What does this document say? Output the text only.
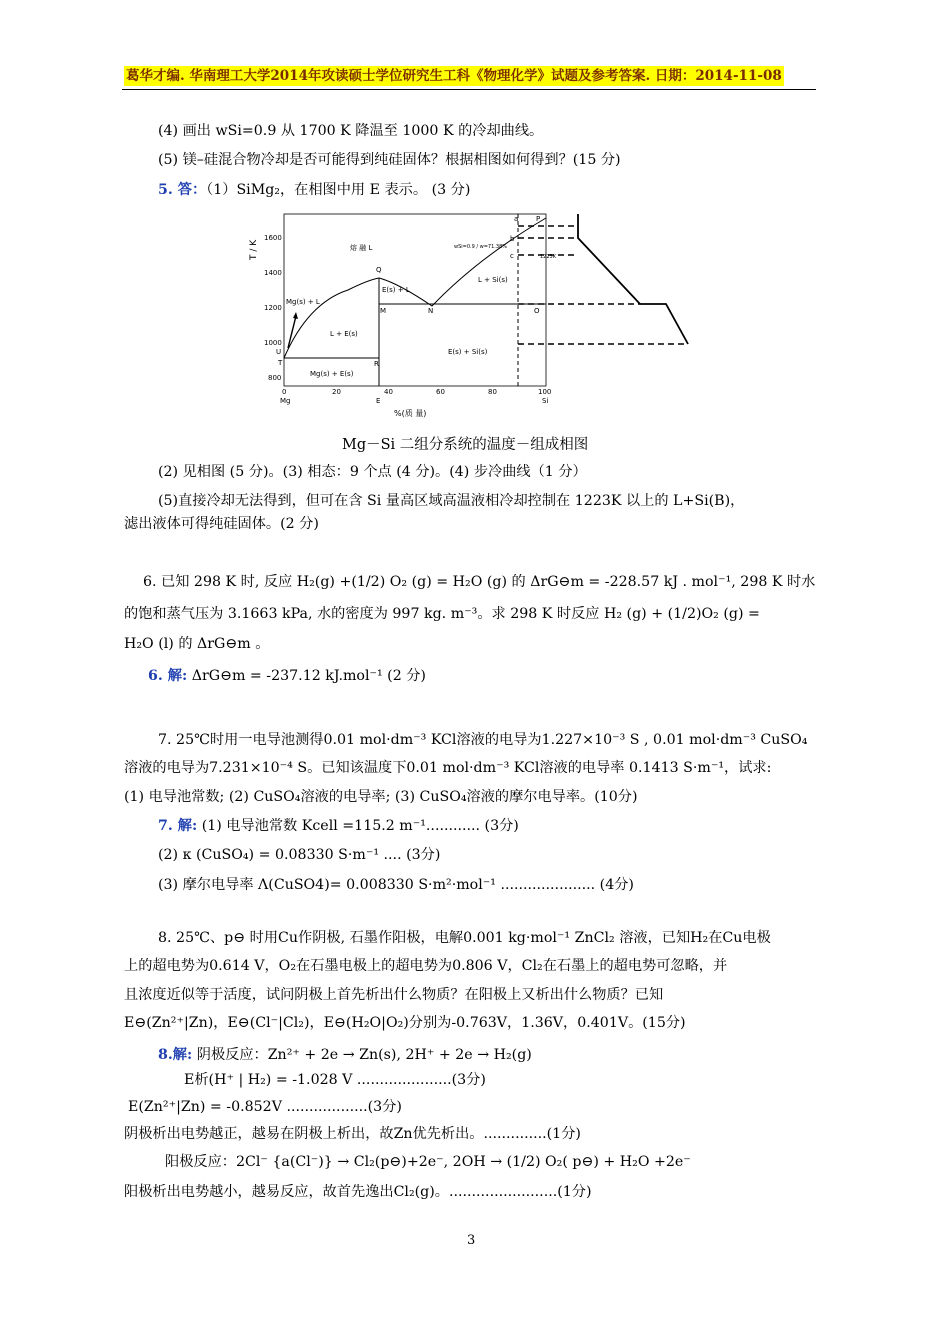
葛华才编. 华南理工大学2014年攻读硕士学位研究生工科《物理化学》试题及参考答案. 日期：2014-11-08
(4) 画出 wSi=0.9 从 1700 K 降温至 1000 K 的冷却曲线。
(5) 镁–硅混合物冷却是否可能得到纯硅固体？根据相图如何得到？(15 分)
5. 答：（1）SiMg₂，在相图中用 E 表示。 (3 分)
T / K
1600
1400
1200
1000
800
0	20	40	60	80	100
Mg	Si
E
%(质 量)
熔 融 L
Mg(s) + L
E(s) + L
L + E(s)
L + Si(s)
E(s) + Si(s)
Mg(s) + E(s)
Q
M	N	O
T
U
R
P
a
b
c
wSi=0.9 / w=71.38%
1223K
Mg－Si 二组分系统的温度－组成相图
(2) 见相图 (5 分)。(3) 相态：9 个点 (4 分)。(4) 步冷曲线（1 分）
(5)直接冷却无法得到，但可在含 Si 量高区域高温液相冷却控制在 1223K 以上的 L+Si(B)，
滤出液体可得纯硅固体。(2 分)
6. 已知 298 K 时, 反应 H₂(g) +(1/2) O₂ (g) = H₂O (g) 的 ΔrG⊖m = -228.57 kJ . mol⁻¹, 298 K 时水
的饱和蒸气压为 3.1663 kPa, 水的密度为 997 kg. m⁻³。求 298 K 时反应 H₂ (g) + (1/2)O₂ (g) =
H₂O (l) 的 ΔrG⊖m 。
6. 解: ΔrG⊖m = -237.12 kJ.mol⁻¹ (2 分)
7. 25℃时用一电导池测得0.01 mol·dm⁻³ KCl溶液的电导为1.227×10⁻³ S , 0.01 mol·dm⁻³ CuSO₄
溶液的电导为7.231×10⁻⁴ S。已知该温度下0.01 mol·dm⁻³ KCl溶液的电导率 0.1413 S·m⁻¹，试求:
(1) 电导池常数; (2) CuSO₄溶液的电导率; (3) CuSO₄溶液的摩尔电导率。(10分)
7. 解: (1) 电导池常数 Kcell =115.2 m⁻¹............ (3分)
(2) κ (CuSO₄) = 0.08330 S·m⁻¹ .... (3分)
(3) 摩尔电导率 Λ(CuSO4)= 0.008330 S·m²·mol⁻¹ ..................... (4分)
8. 25℃、p⊖ 时用Cu作阴极, 石墨作阳极，电解0.001 kg·mol⁻¹ ZnCl₂ 溶液，已知H₂在Cu电极
上的超电势为0.614 V，O₂在石墨电极上的超电势为0.806 V，Cl₂在石墨上的超电势可忽略，并
且浓度近似等于活度，试问阴极上首先析出什么物质？在阳极上又析出什么物质？已知
E⊖(Zn²⁺|Zn)，E⊖(Cl⁻|Cl₂)，E⊖(H₂O|O₂)分别为-0.763V，1.36V，0.401V。(15分)
8.解: 阴极反应：Zn²⁺ + 2e → Zn(s), 2H⁺ + 2e → H₂(g)
E析(H⁺ | H₂) = -1.028 V .....................(3分)
E(Zn²⁺|Zn) = -0.852V ..................(3分)
阴极析出电势越正，越易在阴极上析出，故Zn优先析出。..............(1分)
阳极反应：2Cl⁻ {a(Cl⁻)} → Cl₂(p⊖)+2e⁻, 2OH → (1/2) O₂( p⊖) + H₂O +2e⁻
阳极析出电势越小，越易反应，故首先逸出Cl₂(g)。........................(1分)
3
